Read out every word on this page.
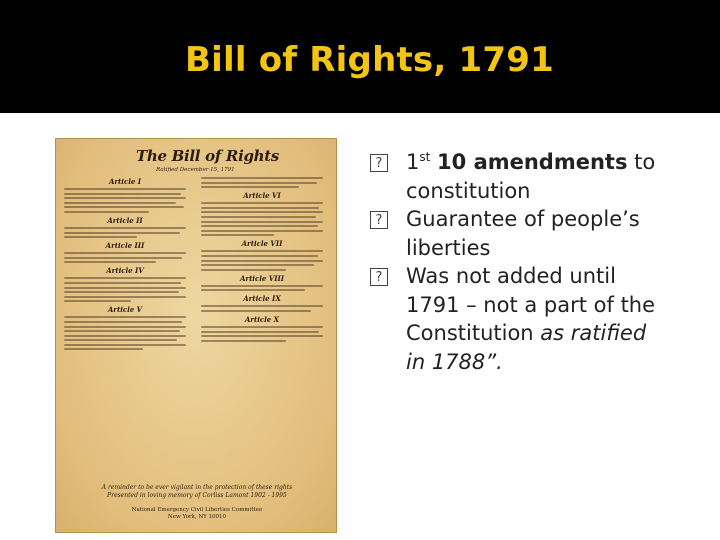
Bill of Rights, 1791
The Bill of Rights
Ratified December 15, 1791
Article I
Article II
Article III
Article IV
Article V
Article VI
Article VII
Article VIII
Article IX
Article X
A reminder to be ever vigilant in the protection of these rights
Presented in loving memory of Corliss Lamont 1902 - 1995
National Emergency Civil Liberties Committee
New York, NY 10010
?
1st 10 amendments to
constitution
?
Guarantee of people’s
liberties
?
Was not added until
1791 – not a part of the
Constitution as ratified
in 1788”.
